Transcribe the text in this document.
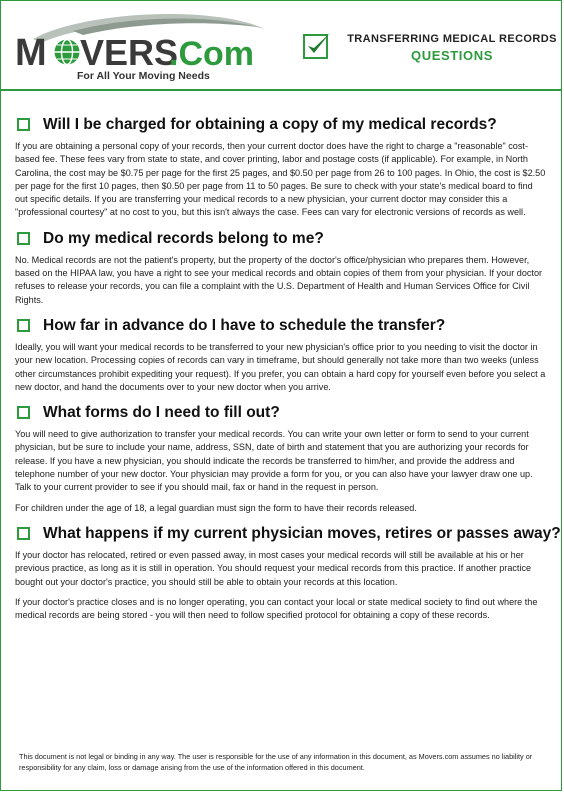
M VERS
.Com
For All Your Moving Needs
TRANSFERRING MEDICAL RECORDS
QUESTIONS
Will I be charged for obtaining a copy of my medical records?

If you are obtaining a personal copy of your records, then your current doctor does have the right to charge a "reasonable" cost-based fee. These fees vary from state to state, and cover printing, labor and postage costs (if applicable). For example, in North Carolina, the cost may be $0.75 per page for the first 25 pages, and $0.50 per page from 26 to 100 pages. In Ohio, the cost is $2.50 per page for the first 10 pages, then $0.50 per page from 11 to 50 pages. Be sure to check with your state's medical board to find out specific details. If you are transferring your medical records to a new physician, your current doctor may consider this a "professional courtesy" at no cost to you, but this isn't always the case. Fees can vary for electronic versions of records as well.

Do my medical records belong to me?

No. Medical records are not the patient's property, but the property of the doctor's office/physician who prepares them. However, based on the HIPAA law, you have a right to see your medical records and obtain copies of them from your physician. If your doctor refuses to release your records, you can file a complaint with the U.S. Department of Health and Human Services Office for Civil Rights.

How far in advance do I have to schedule the transfer?

Ideally, you will want your medical records to be transferred to your new physician's office prior to you needing to visit the doctor in your new location. Processing copies of records can vary in timeframe, but should generally not take more than two weeks (unless other circumstances prohibit expediting your request). If you prefer, you can obtain a hard copy for yourself even before you select a new doctor, and hand the documents over to your new doctor when you arrive.

What forms do I need to fill out?

You will need to give authorization to transfer your medical records. You can write your own letter or form to send to your current physician, but be sure to include your name, address, SSN, date of birth and statement that you are authorizing your records for release. If you have a new physician, you should indicate the records be transferred to him/her, and provide the address and telephone number of your new doctor. Your physician may provide a form for you, or you can also have your lawyer draw one up. Talk to your current provider to see if you should mail, fax or hand in the request in person.

For children under the age of 18, a legal guardian must sign the form to have their records released.

What happens if my current physician moves, retires or passes away?

If your doctor has relocated, retired or even passed away, in most cases your medical records will still be available at his or her previous practice, as long as it is still in operation. You should request your medical records from this practice. If another practice bought out your doctor's practice, you should still be able to obtain your records at this location.

If your doctor's practice closes and is no longer operating, you can contact your local or state medical society to find out where the medical records are being stored - you will then need to follow specified protocol for obtaining a copy of these records.

This document is not legal or binding in any way. The user is responsible for the use of any information in this document, as Movers.com assumes no liability or responsibility for any claim, loss or damage arising from the use of the information offered in this document.
